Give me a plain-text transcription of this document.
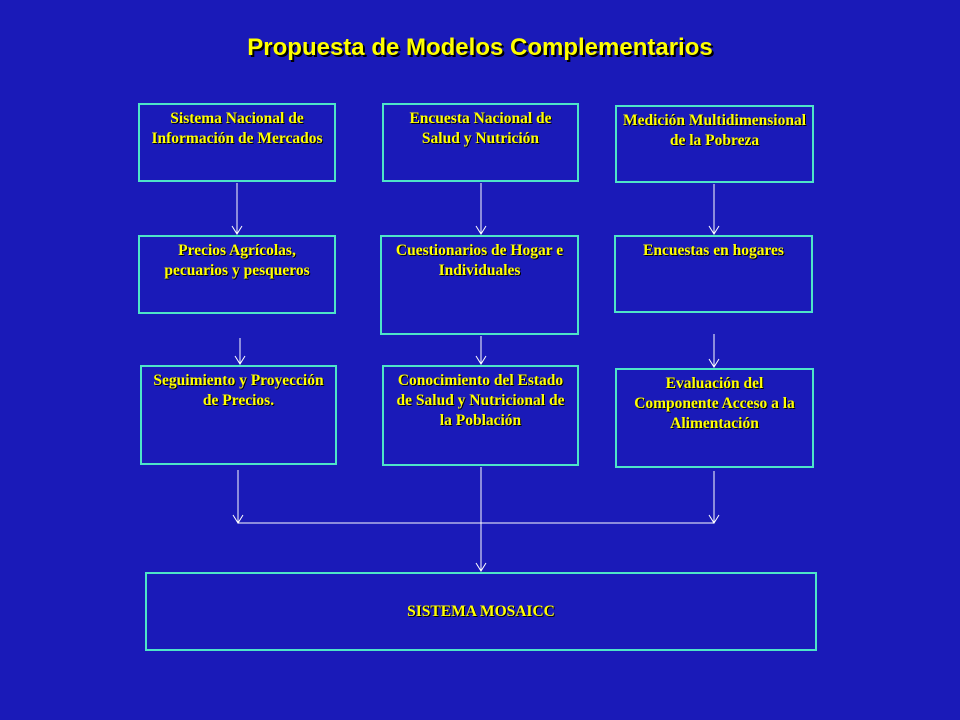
Propuesta de Modelos Complementarios
Sistema Nacional de Información de Mercados
Precios Agrícolas, pecuarios y pesqueros
Seguimiento y Proyección de Precios.
Encuesta Nacional de Salud y Nutrición
Cuestionarios de Hogar e Individuales
Conocimiento del Estado de Salud y Nutricional de la Población
Medición Multidimensional de la Pobreza
Encuestas en hogares
Evaluación del Componente Acceso a la Alimentación
SISTEMA MOSAICC
